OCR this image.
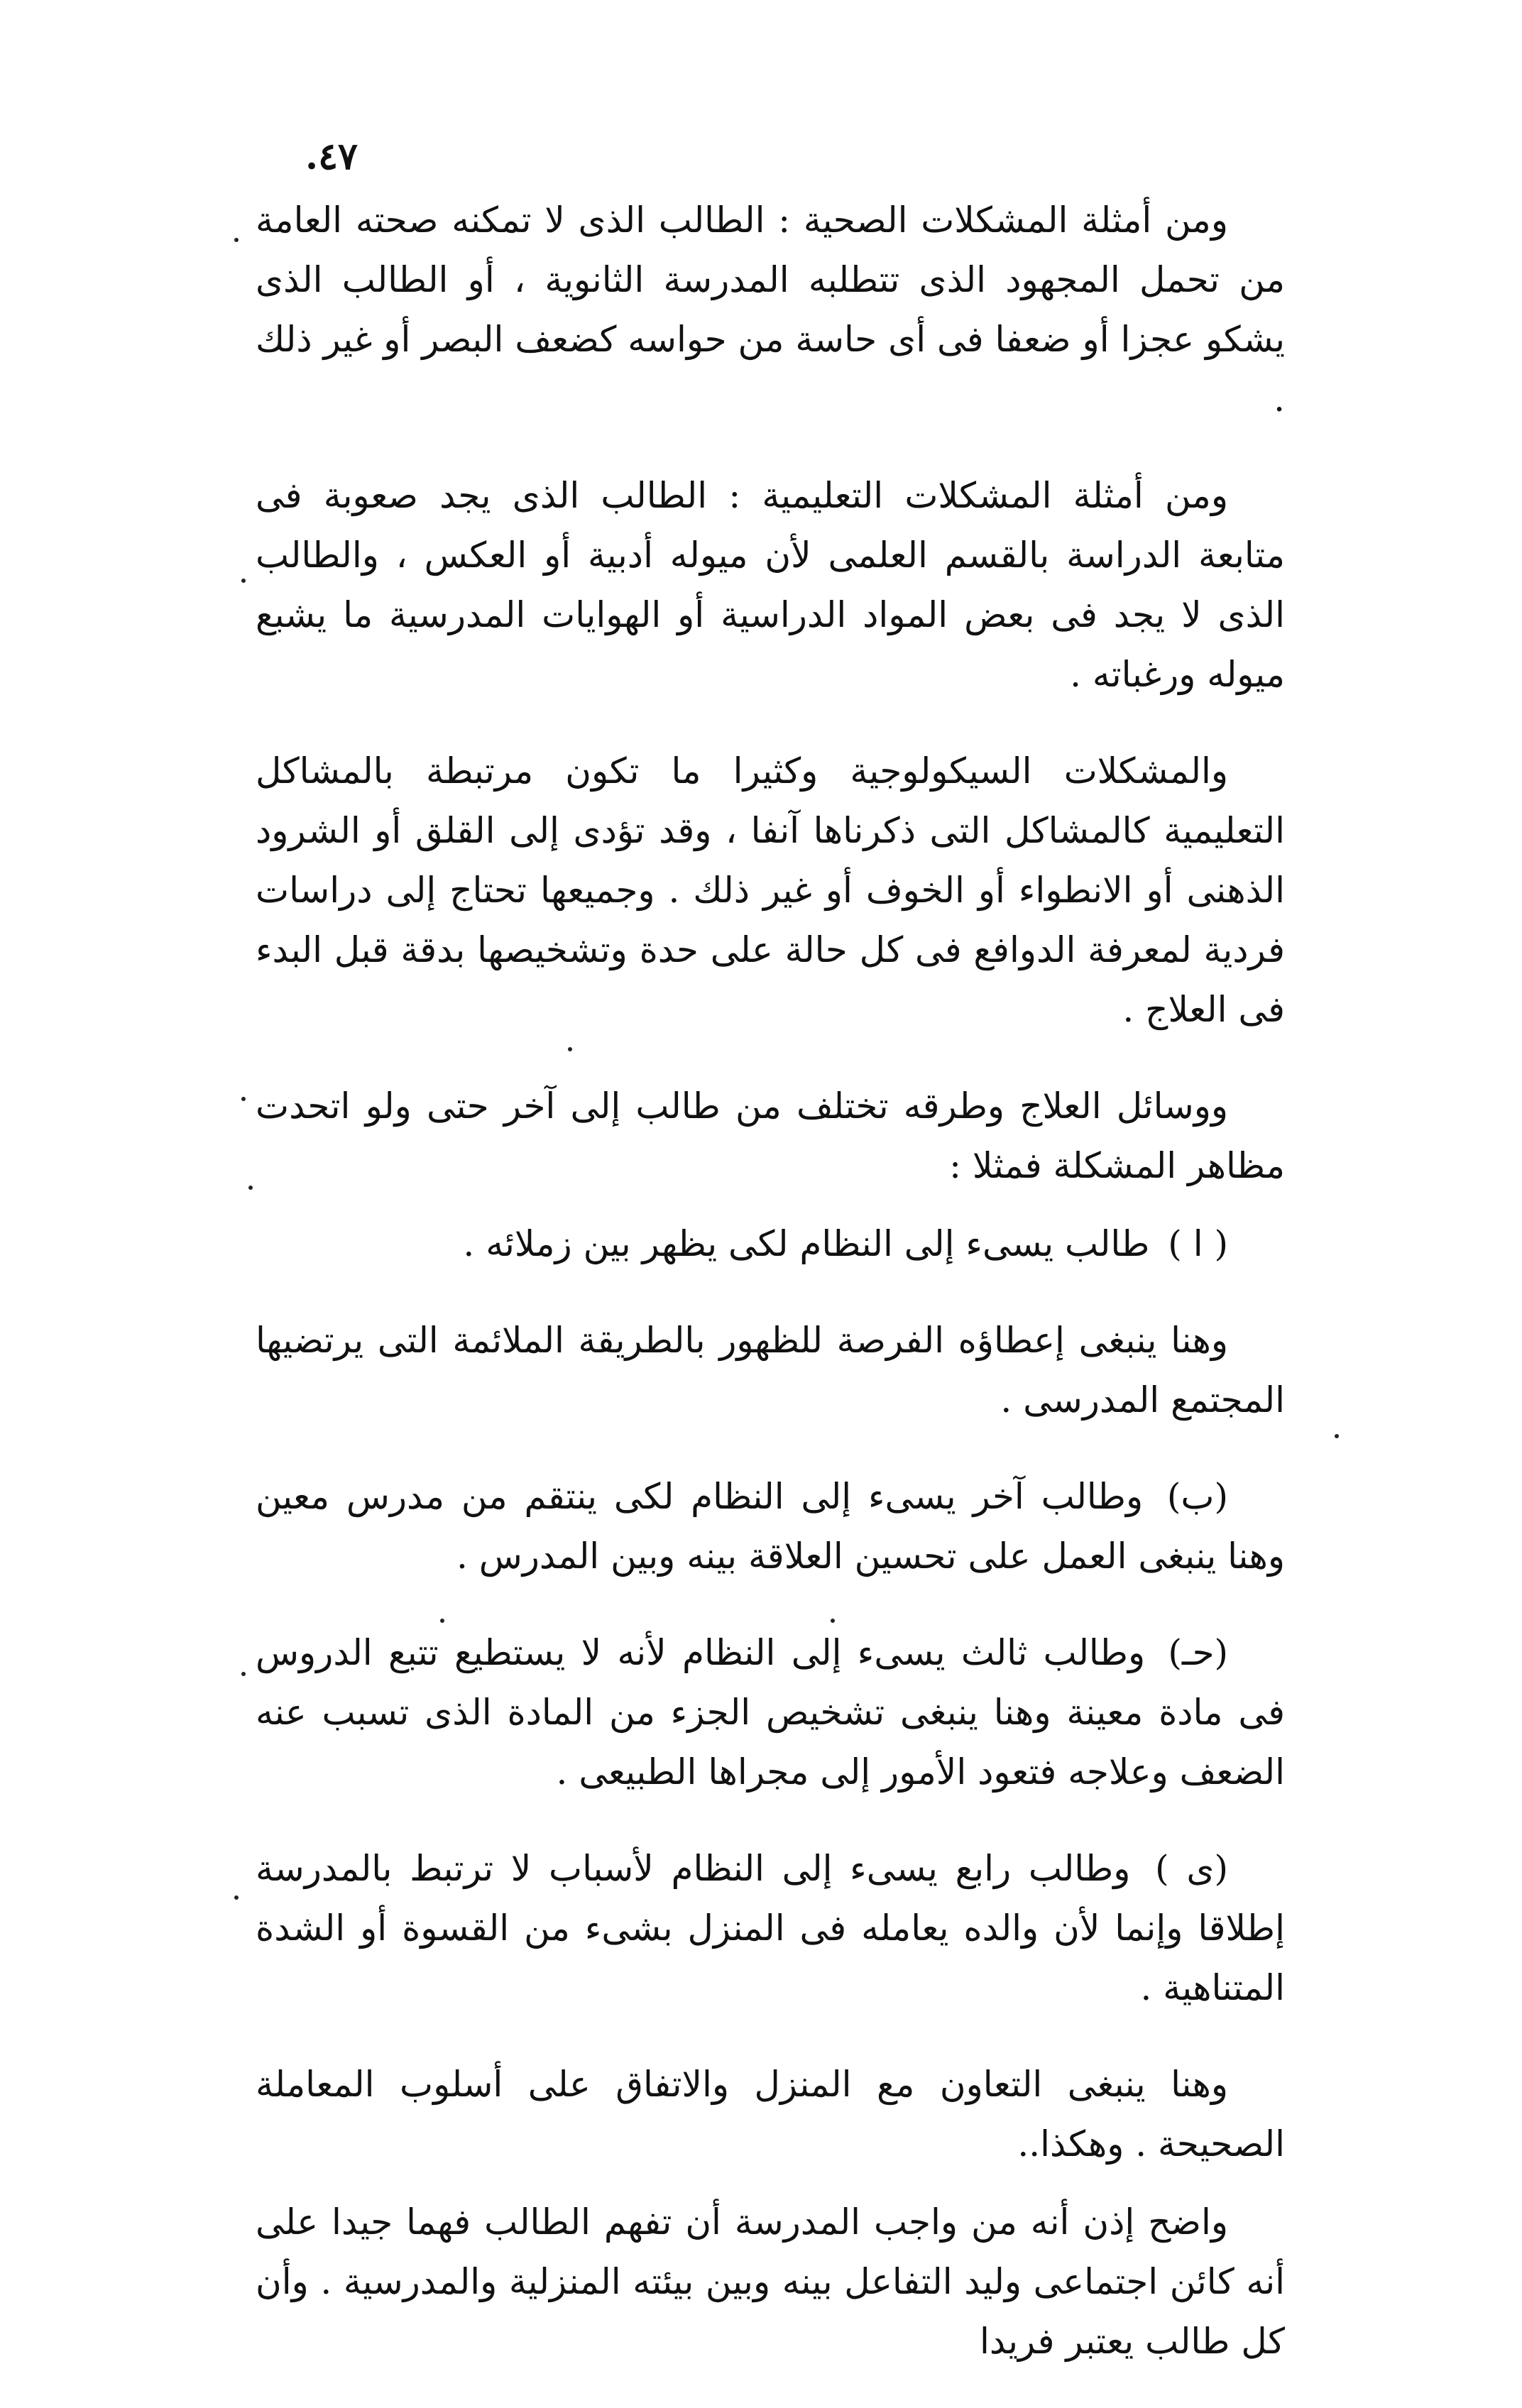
٤٧.

ومن أمثلة المشكلات الصحية : الطالب الذى لا تمكنه صحته العامة من تحمل المجهود الذى تتطلبه المدرسة الثانوية ، أو الطالب الذى يشكو عجزا أو ضعفا فى أى حاسة من حواسه كضعف البصر أو غير ذلك .

ومن أمثلة المشكلات التعليمية : الطالب الذى يجد صعوبة فى متابعة الدراسة بالقسم العلمى لأن ميوله أدبية أو العكس ، والطالب الذى لا يجد فى بعض المواد الدراسية أو الهوايات المدرسية ما يشبع ميوله ورغباته .

والمشكلات السيكولوجية وكثيرا ما تكون مرتبطة بالمشاكل التعليمية كالمشاكل التى ذكرناها آنفا ، وقد تؤدى إلى القلق أو الشرود الذهنى أو الانطواء أو الخوف أو غير ذلك . وجميعها تحتاج إلى دراسات فردية لمعرفة الدوافع فى كل حالة على حدة وتشخيصها بدقة قبل البدء فى العلاج .

ووسائل العلاج وطرقه تختلف من طالب إلى آخر حتى ولو اتحدت مظاهر المشكلة فمثلا :

( ا ) طالب يسىء إلى النظام لكى يظهر بين زملائه .

وهنا ينبغى إعطاؤه الفرصة للظهور بالطريقة الملائمة التى يرتضيها المجتمع المدرسى .

(ب) وطالب آخر يسىء إلى النظام لكى ينتقم من مدرس معين وهنا ينبغى العمل على تحسين العلاقة بينه وبين المدرس .
(حـ) وطالب ثالث يسىء إلى النظام لأنه لا يستطيع تتبع الدروس فى مادة معينة وهنا ينبغى تشخيص الجزء من المادة الذى تسبب عنه الضعف وعلاجه فتعود الأمور إلى مجراها الطبيعى .
(ى ) وطالب رابع يسىء إلى النظام لأسباب لا ترتبط بالمدرسة إطلاقا وإنما لأن والده يعامله فى المنزل بشىء من القسوة أو الشدة المتناهية .

وهنا ينبغى التعاون مع المنزل والاتفاق على أسلوب المعاملة الصحيحة . وهكذا..

واضح إذن أنه من واجب المدرسة أن تفهم الطالب فهما جيدا على أنه كائن اجتماعى وليد التفاعل بينه وبين بيئته المنزلية والمدرسية . وأن كل طالب يعتبر فريدا
